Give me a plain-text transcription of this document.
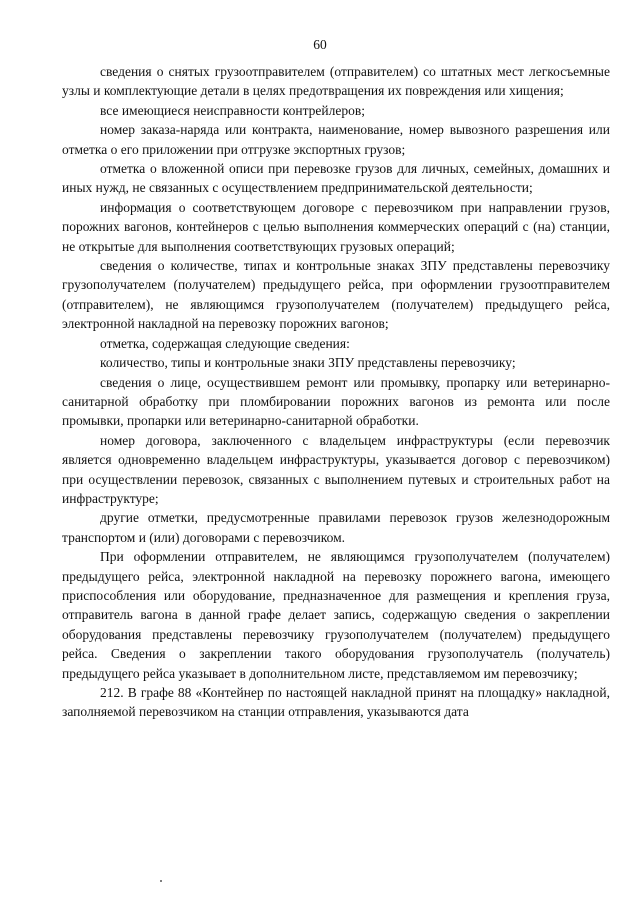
60

сведения о снятых грузоотправителем (отправителем) со штатных мест легкосъемные узлы и комплектующие детали в целях предотвращения их повреждения или хищения;

все имеющиеся неисправности контрейлеров;

номер заказа-наряда или контракта, наименование, номер вывозного разрешения или отметка о его приложении при отгрузке экспортных грузов;

отметка о вложенной описи при перевозке грузов для личных, семейных, домашних и иных нужд, не связанных с осуществлением предпринимательской деятельности;

информация о соответствующем договоре с перевозчиком при направлении грузов, порожних вагонов, контейнеров с целью выполнения коммерческих операций с (на) станции, не открытые для выполнения соответствующих грузовых операций;

сведения о количестве, типах и контрольные знаках ЗПУ представлены перевозчику грузополучателем (получателем) предыдущего рейса, при оформлении грузоотправителем (отправителем), не являющимся грузополучателем (получателем) предыдущего рейса, электронной накладной на перевозку порожних вагонов;

отметка, содержащая следующие сведения:

количество, типы и контрольные знаки ЗПУ представлены перевозчику;

сведения о лице, осуществившем ремонт или промывку, пропарку или ветеринарно-санитарной обработку при пломбировании порожних вагонов из ремонта или после промывки, пропарки или ветеринарно-санитарной обработки.

номер договора, заключенного с владельцем инфраструктуры (если перевозчик является одновременно владельцем инфраструктуры, указывается договор с перевозчиком) при осуществлении перевозок, связанных с выполнением путевых и строительных работ на инфраструктуре;

другие отметки, предусмотренные правилами перевозок грузов железнодорожным транспортом и (или) договорами с перевозчиком.

При оформлении отправителем, не являющимся грузополучателем (получателем) предыдущего рейса, электронной накладной на перевозку порожнего вагона, имеющего приспособления или оборудование, предназначенное для размещения и крепления груза, отправитель вагона в данной графе делает запись, содержащую сведения о закреплении оборудования представлены перевозчику грузополучателем (получателем) предыдущего рейса. Сведения о закреплении такого оборудования грузополучатель (получатель) предыдущего рейса указывает в дополнительном листе, представляемом им перевозчику;

212. В графе 88 «Контейнер по настоящей накладной принят на площадку» накладной, заполняемой перевозчиком на станции отправления, указываются дата
